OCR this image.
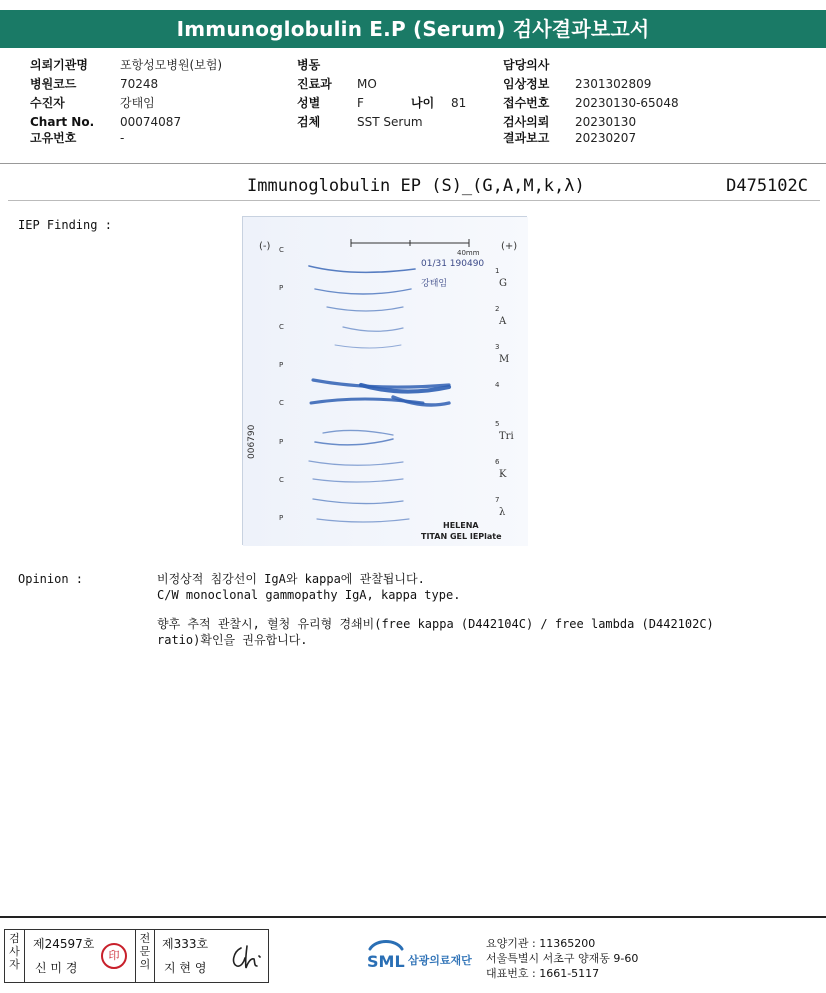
Immunoglobulin E.P (Serum) 검사결과보고서
의뢰기관명	포항성모병원(보험)
병원코드	70248
수진자	강태임
Chart No. 00074087
고유번호	-
병동
진료과 MO
성별	F	나이 81
검체	SST Serum
담당의사
임상정보 2301302809
접수번호 20230130-65048
검사의뢰 20230130
결과보고 20230207
Immunoglobulin EP (S)_(G,A,M,k,λ)	D475102C
IEP Finding :
(-)	(+)
40mm
01/31 190490
강태임
006790
C
P
C
P
C
P
C
P
1
G
2
A
3
M
4
5
Tri
6
K
7
λ
HELENA
TITAN GEL IEPlate
Opinion :	비정상적 침강선이 IgA와 kappa에 관찰됩니다.
C/W monoclonal gammopathy IgA, kappa type.
향후 추적 관찰시, 혈청 유리형 경쇄비(free kappa (D442104C) / free lambda (D442102C)
ratio)확인을 권유합니다.
검사자
제24597호
신 미 경
印
전문의
제333호
지 현 영	SML 삼광의료재단
요양기관 : 11365200
서울특별시 서초구 양재동 9-60
대표번호 : 1661-5117
